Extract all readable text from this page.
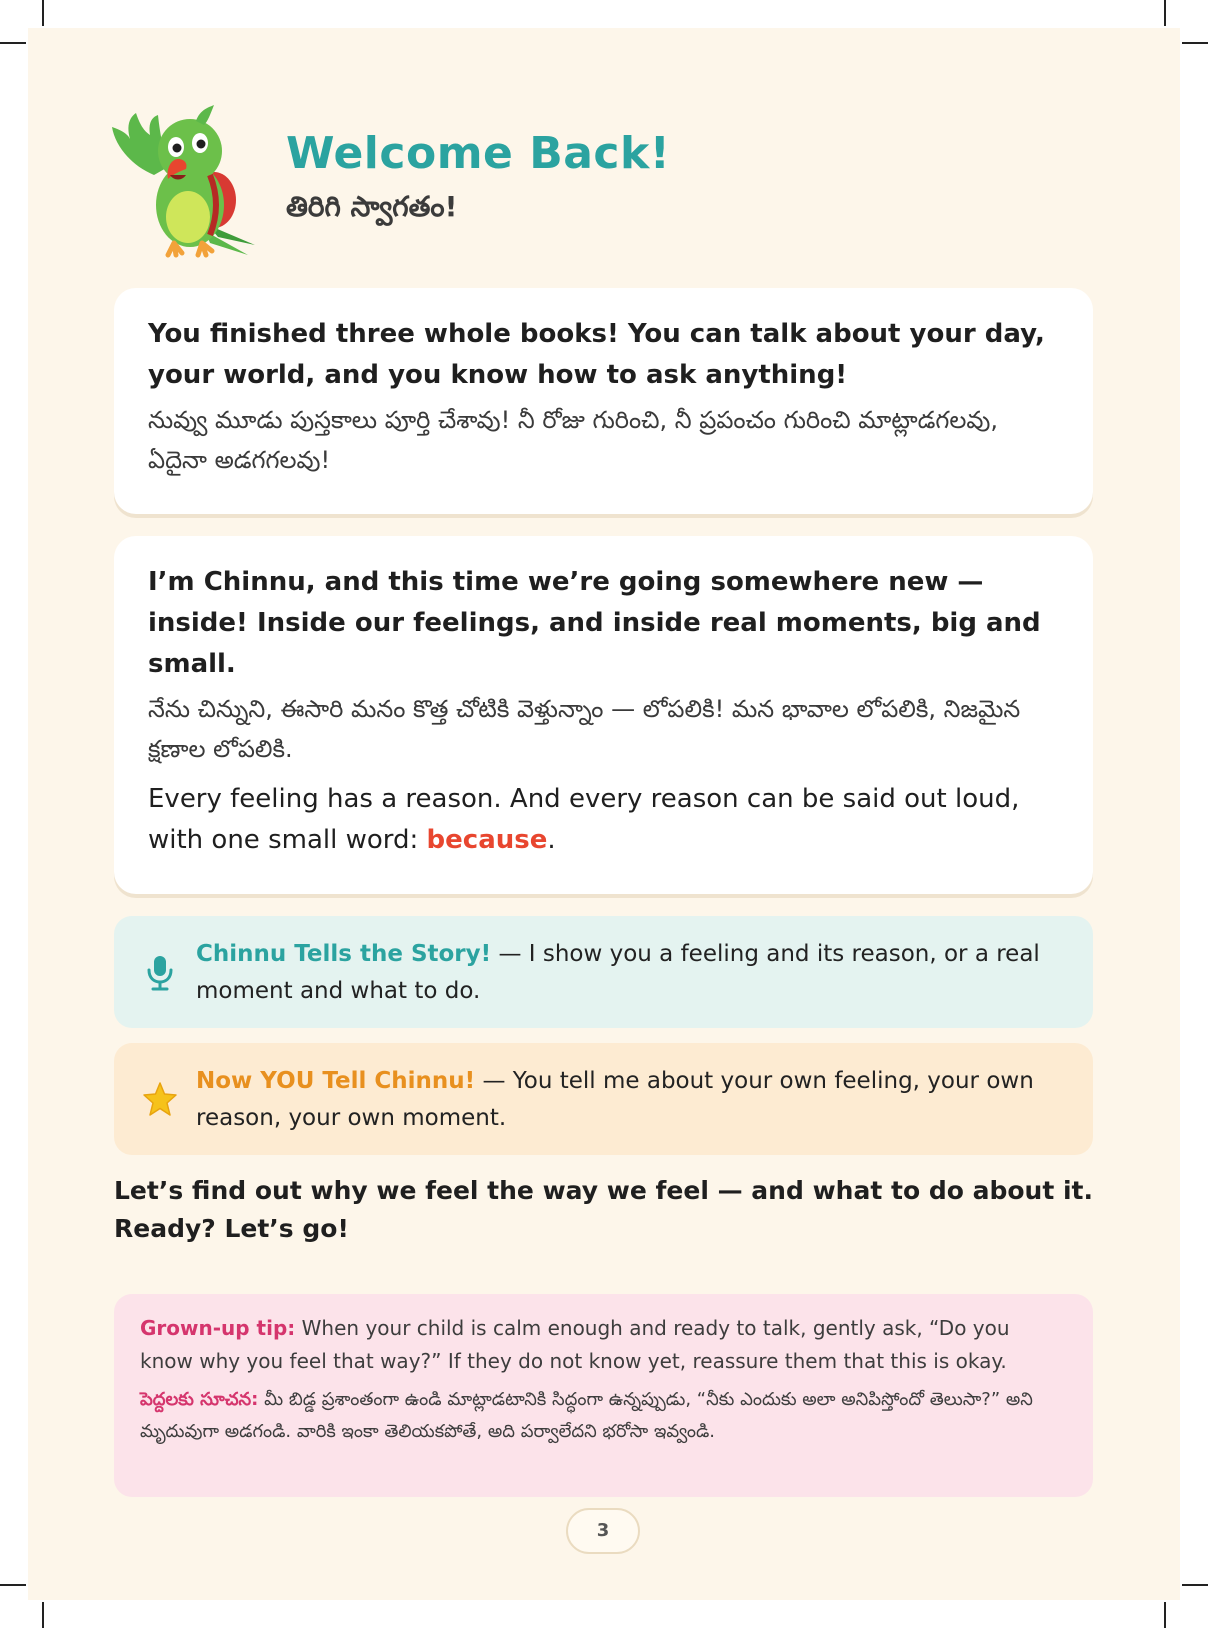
Welcome Back!
తిరిగి స్వాగతం!
You finished three whole books! You can talk about your day, your world, and you know how to ask anything!
నువ్వు మూడు పుస్తకాలు పూర్తి చేశావు! నీ రోజు గురించి, నీ ప్రపంచం గురించి మాట్లాడగలవు, ఏదైనా అడగగలవు!
I’m Chinnu, and this time we’re going somewhere new — inside! Inside our feelings, and inside real moments, big and small.
నేను చిన్నుని, ఈసారి మనం కొత్త చోటికి వెళ్తున్నాం — లోపలికి! మన భావాల లోపలికి, నిజమైన క్షణాల లోపలికి.
Every feeling has a reason. And every reason can be said out loud, with one small word: because.
Chinnu Tells the Story! — I show you a feeling and its reason, or a real moment and what to do.
Now YOU Tell Chinnu! — You tell me about your own feeling, your own reason, your own moment.
Let’s find out why we feel the way we feel — and what to do about it. Ready? Let’s go!
Grown-up tip: When your child is calm enough and ready to talk, gently ask, “Do you know why you feel that way?” If they do not know yet, reassure them that this is okay.
పెద్దలకు సూచన: మీ బిడ్డ ప్రశాంతంగా ఉండి మాట్లాడటానికి సిద్ధంగా ఉన్నప్పుడు, “నీకు ఎందుకు అలా అనిపిస్తోందో తెలుసా?” అని మృదువుగా అడగండి. వారికి ఇంకా తెలియకపోతే, అది పర్వాలేదని భరోసా ఇవ్వండి.
3
